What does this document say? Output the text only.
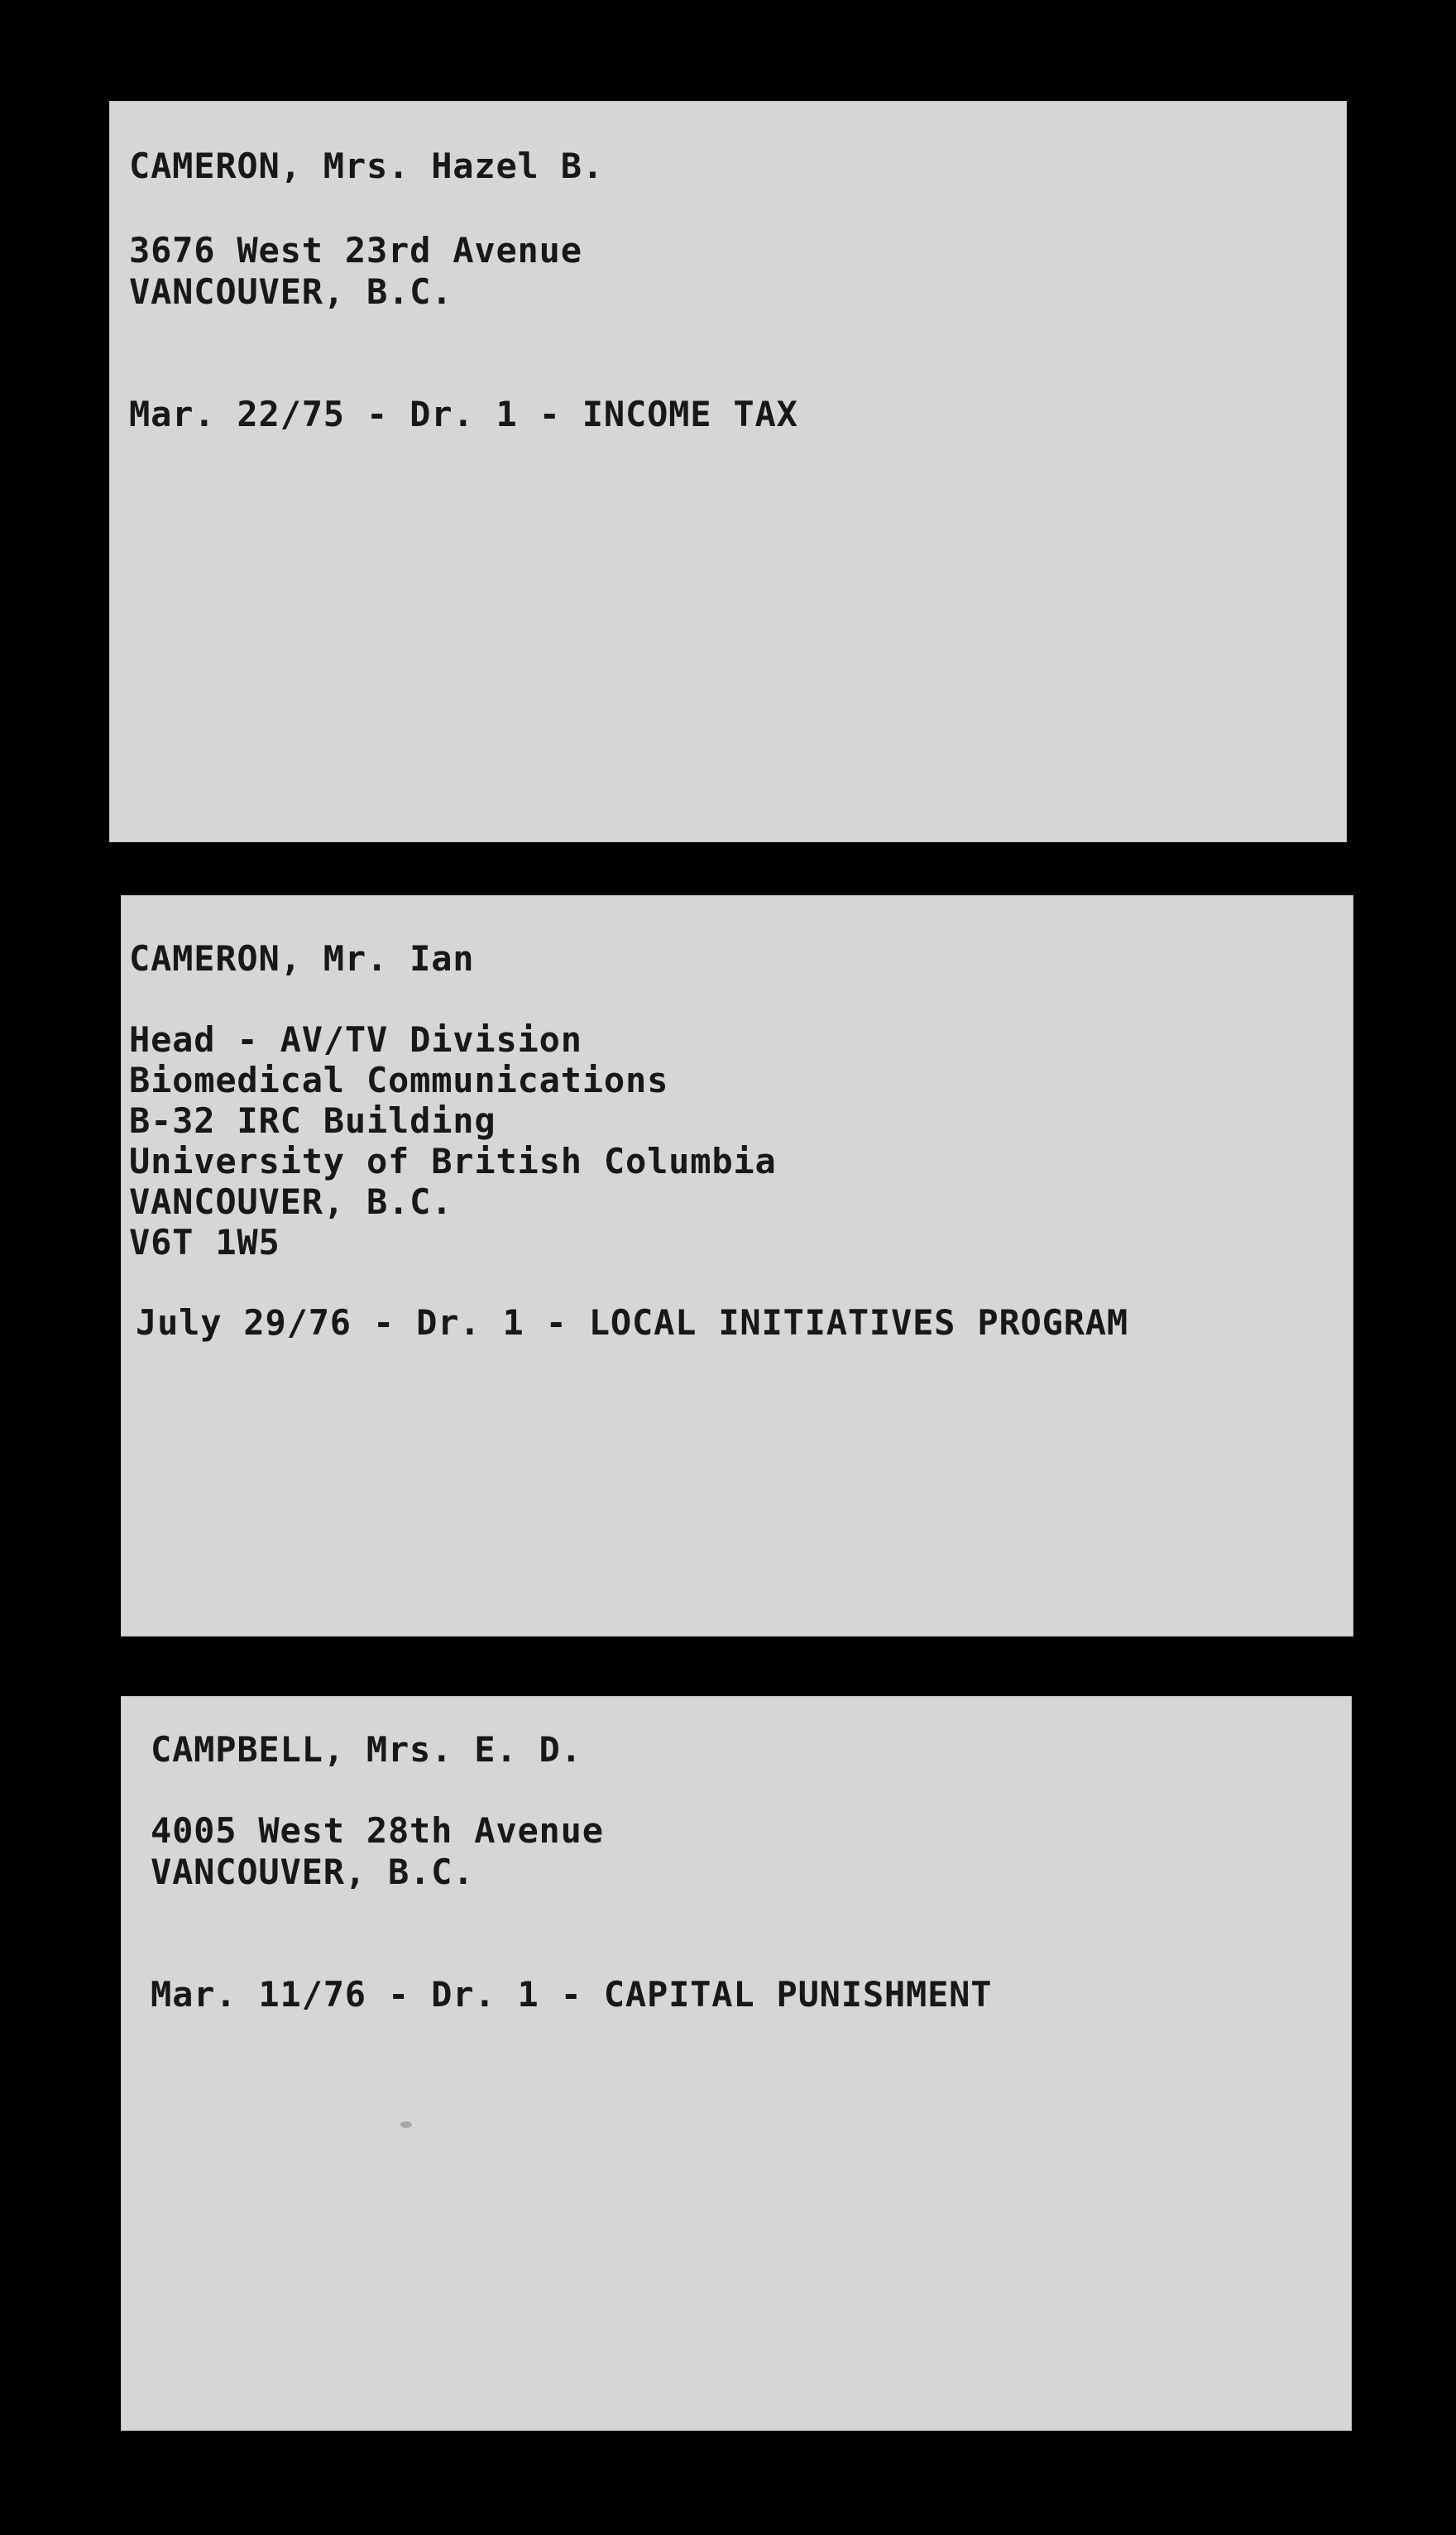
CAMERON, Mrs. Hazel B.
3676 West 23rd Avenue
VANCOUVER, B.C.
Mar. 22/75 - Dr. 1 - INCOME TAX
CAMERON, Mr. Ian
Head - AV/TV Division
Biomedical Communications
B-32 IRC Building
University of British Columbia
VANCOUVER, B.C.
V6T 1W5
July 29/76 - Dr. 1 - LOCAL INITIATIVES PROGRAM
CAMPBELL, Mrs. E. D.
4005 West 28th Avenue
VANCOUVER, B.C.
Mar. 11/76 - Dr. 1 - CAPITAL PUNISHMENT
